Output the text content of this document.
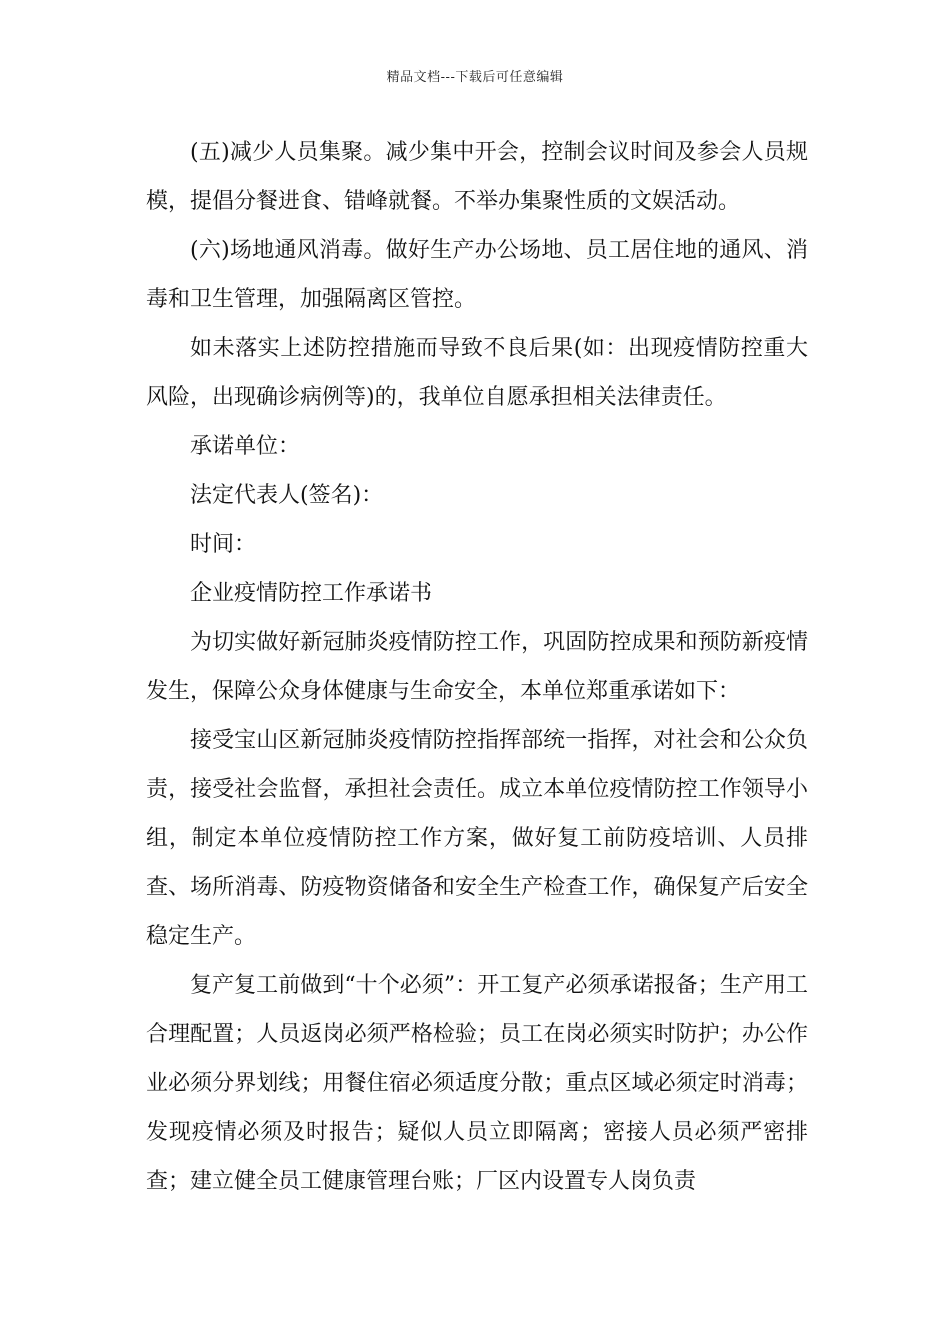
精品文档---下载后可任意编辑

(五)减少人员集聚。减少集中开会，控制会议时间及参会人员规模，提倡分餐进食、错峰就餐。不举办集聚性质的文娱活动。

(六)场地通风消毒。做好生产办公场地、员工居住地的通风、消毒和卫生管理，加强隔离区管控。

如未落实上述防控措施而导致不良后果(如：出现疫情防控重大风险，出现确诊病例等)的，我单位自愿承担相关法律责任。

承诺单位：

法定代表人(签名)：

时间：

企业疫情防控工作承诺书

为切实做好新冠肺炎疫情防控工作，巩固防控成果和预防新疫情发生，保障公众身体健康与生命安全，本单位郑重承诺如下：

接受宝山区新冠肺炎疫情防控指挥部统一指挥，对社会和公众负责，接受社会监督，承担社会责任。成立本单位疫情防控工作领导小组，制定本单位疫情防控工作方案，做好复工前防疫培训、人员排查、场所消毒、防疫物资储备和安全生产检查工作，确保复产后安全稳定生产。

复产复工前做到“十个必须”：开工复产必须承诺报备；生产用工合理配置；人员返岗必须严格检验；员工在岗必须实时防护；办公作业必须分界划线；用餐住宿必须适度分散；重点区域必须定时消毒；发现疫情必须及时报告；疑似人员立即隔离；密接人员必须严密排查；建立健全员工健康管理台账；厂区内设置专人岗负责
